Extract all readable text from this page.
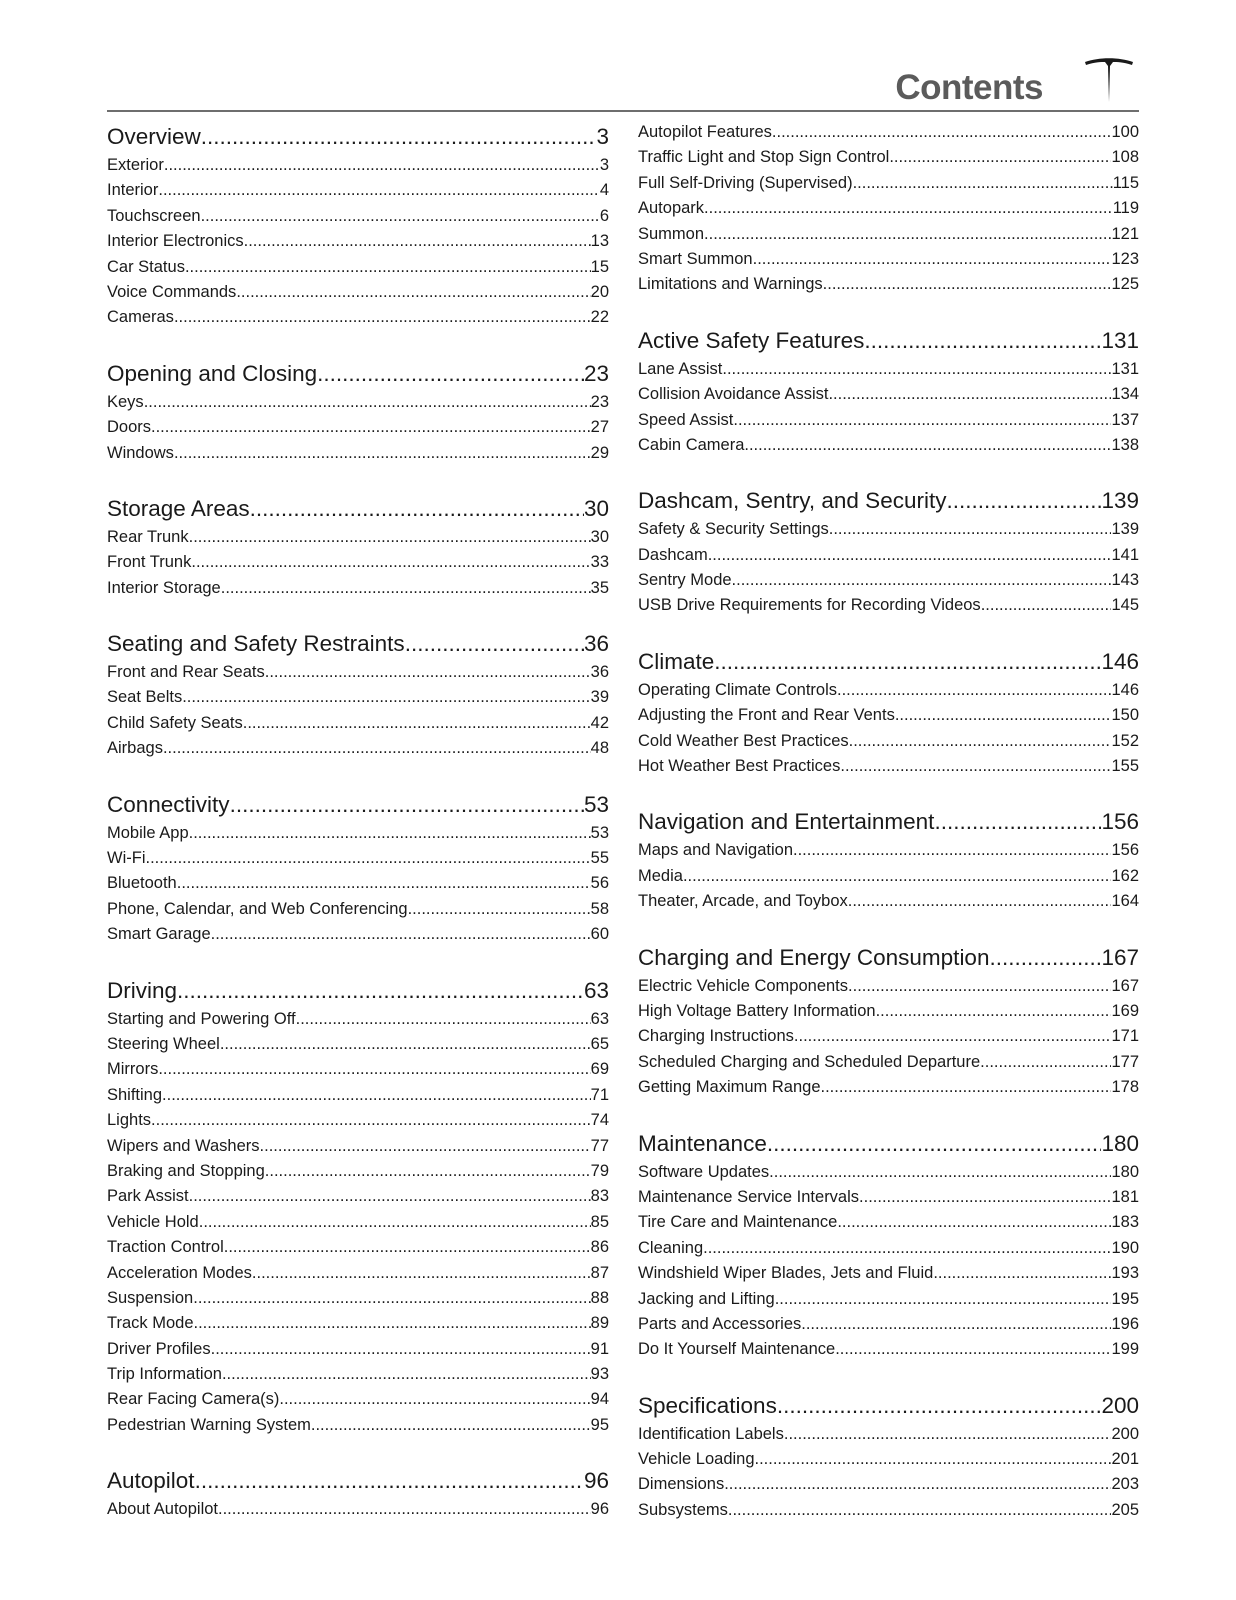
Contents
Overview .....	3
Exterior .....	3
Interior .....	4
Touchscreen .....	6
Interior Electronics .....	13
Car Status .....	15
Voice Commands .....	20
Cameras .....	22
Opening and Closing .....	23
Keys .....	23
Doors .....	27
Windows .....	29
Storage Areas .....	30
Rear Trunk .....	30
Front Trunk .....	33
Interior Storage .....	35
Seating and Safety Restraints .....	36
Front and Rear Seats .....	36
Seat Belts .....	39
Child Safety Seats .....	42
Airbags .....	48
Connectivity .....	53
Mobile App .....	53
Wi-Fi .....	55
Bluetooth .....	56
Phone, Calendar, and Web Conferencing .....	58
Smart Garage .....	60
Driving .....	63
Starting and Powering Off .....	63
Steering Wheel .....	65
Mirrors .....	69
Shifting .....	71
Lights .....	74
Wipers and Washers .....	77
Braking and Stopping .....	79
Park Assist .....	83
Vehicle Hold .....	85
Traction Control .....	86
Acceleration Modes .....	87
Suspension .....	88
Track Mode .....	89
Driver Profiles .....	91
Trip Information .....	93
Rear Facing Camera(s) .....	94
Pedestrian Warning System .....	95
Autopilot .....	96
About Autopilot .....	96
Autopilot Features .....	100
Traffic Light and Stop Sign Control .....	108
Full Self-Driving (Supervised) .....	115
Autopark .....	119
Summon .....	121
Smart Summon .....	123
Limitations and Warnings .....	125
Active Safety Features .....	131
Lane Assist .....	131
Collision Avoidance Assist .....	134
Speed Assist .....	137
Cabin Camera .....	138
Dashcam, Sentry, and Security .....	139
Safety & Security Settings .....	139
Dashcam .....	141
Sentry Mode .....	143
USB Drive Requirements for Recording Videos .....	145
Climate .....	146
Operating Climate Controls .....	146
Adjusting the Front and Rear Vents .....	150
Cold Weather Best Practices .....	152
Hot Weather Best Practices .....	155
Navigation and Entertainment .....	156
Maps and Navigation .....	156
Media .....	162
Theater, Arcade, and Toybox .....	164
Charging and Energy Consumption .....	167
Electric Vehicle Components .....	167
High Voltage Battery Information .....	169
Charging Instructions .....	171
Scheduled Charging and Scheduled Departure .....	177
Getting Maximum Range .....	178
Maintenance .....	180
Software Updates .....	180
Maintenance Service Intervals .....	181
Tire Care and Maintenance .....	183
Cleaning .....	190
Windshield Wiper Blades, Jets and Fluid .....	193
Jacking and Lifting .....	195
Parts and Accessories .....	196
Do It Yourself Maintenance .....	199
Specifications .....	200
Identification Labels .....	200
Vehicle Loading .....	201
Dimensions .....	203
Subsystems .....	205
